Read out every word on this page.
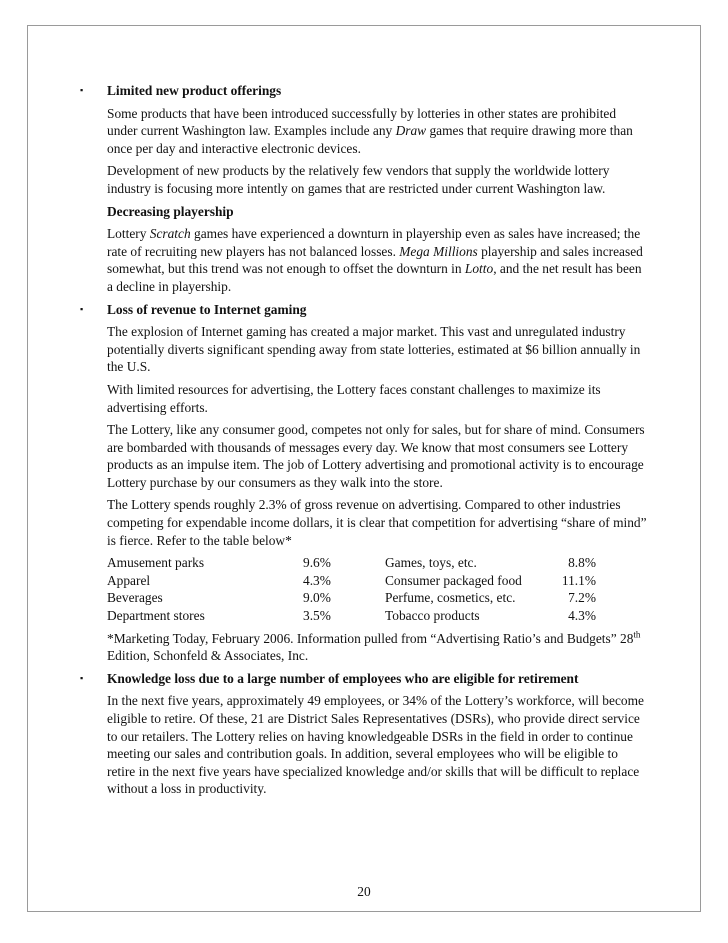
▪ Limited new product offerings

Some products that have been introduced successfully by lotteries in other states are prohibited under current Washington law. Examples include any Draw games that require drawing more than once per day and interactive electronic devices.

Development of new products by the relatively few vendors that supply the worldwide lottery industry is focusing more intently on games that are restricted under current Washington law.

Decreasing playership

Lottery Scratch games have experienced a downturn in playership even as sales have increased; the rate of recruiting new players has not balanced losses. Mega Millions playership and sales increased somewhat, but this trend was not enough to offset the downturn in Lotto, and the net result has been a decline in playership.

▪ Loss of revenue to Internet gaming

The explosion of Internet gaming has created a major market. This vast and unregulated industry potentially diverts significant spending away from state lotteries, estimated at $6 billion annually in the U.S.

With limited resources for advertising, the Lottery faces constant challenges to maximize its advertising efforts.

The Lottery, like any consumer good, competes not only for sales, but for share of mind. Consumers are bombarded with thousands of messages every day. We know that most consumers see Lottery products as an impulse item. The job of Lottery advertising and promotional activity is to encourage Lottery purchase by our consumers as they walk into the store.

The Lottery spends roughly 2.3% of gross revenue on advertising. Compared to other industries competing for expendable income dollars, it is clear that competition for advertising “share of mind” is fierce. Refer to the table below*

Amusement parks	9.6%	Games, toys, etc.	8.8%
Apparel	4.3%	Consumer packaged food	11.1%
Beverages	9.0%	Perfume, cosmetics, etc.	7.2%
Department stores	3.5%	Tobacco products	4.3%

*Marketing Today, February 2006. Information pulled from “Advertising Ratio’s and Budgets” 28th Edition, Schonfeld & Associates, Inc.

▪ Knowledge loss due to a large number of employees who are eligible for retirement

In the next five years, approximately 49 employees, or 34% of the Lottery’s workforce, will become eligible to retire. Of these, 21 are District Sales Representatives (DSRs), who provide direct service to our retailers. The Lottery relies on having knowledgeable DSRs in the field in order to continue meeting our sales and contribution goals. In addition, several employees who will be eligible to retire in the next five years have specialized knowledge and/or skills that will be difficult to replace without a loss in productivity.

20
